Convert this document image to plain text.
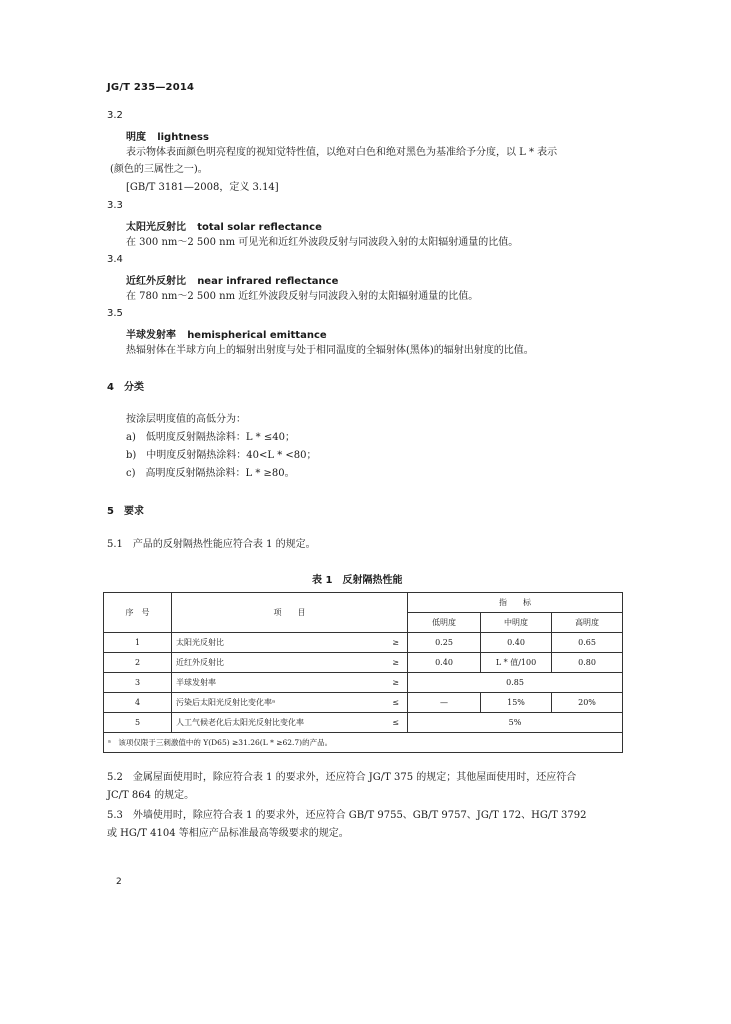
JG/T 235—2014
3.2
明度 lightness
表示物体表面颜色明亮程度的视知觉特性值，以绝对白色和绝对黑色为基准给予分度，以 L * 表示
(颜色的三属性之一)。
[GB/T 3181—2008，定义 3.14]
3.3
太阳光反射比 total solar reflectance
在 300 nm～2 500 nm 可见光和近红外波段反射与同波段入射的太阳辐射通量的比值。
3.4
近红外反射比 near infrared reflectance
在 780 nm～2 500 nm 近红外波段反射与同波段入射的太阳辐射通量的比值。
3.5
半球发射率 hemispherical emittance
热辐射体在半球方向上的辐射出射度与处于相同温度的全辐射体(黑体)的辐射出射度的比值。
4　分类
按涂层明度值的高低分为：
a)　低明度反射隔热涂料：L * ≤40；
b)　中明度反射隔热涂料：40<L * <80；
c)　高明度反射隔热涂料：L * ≥80。
5　要求
5.1　产品的反射隔热性能应符合表 1 的规定。
表 1　反射隔热性能
序　号	项　　目		指　　标		
			低明度	中明度	高明度
1	太阳光反射比	≥	0.25	0.40	0.65
2	近红外反射比	≥	0.40	L * 值/100	0.80
3	半球发射率	≥	0.85		
4	污染后太阳光反射比变化率ᵃ	≤	—	15%	20%
5	人工气候老化后太阳光反射比变化率	≤	5%		
ᵃ　该项仅限于三刺激值中的 Y(D65) ≥31.26(L * ≥62.7)的产品。					
5.2　金属屋面使用时，除应符合表 1 的要求外，还应符合 JG/T 375 的规定；其他屋面使用时，还应符合
JC/T 864 的规定。
5.3　外墙使用时，除应符合表 1 的要求外，还应符合 GB/T 9755、GB/T 9757、JG/T 172、HG/T 3792
或 HG/T 4104 等相应产品标准最高等级要求的规定。
2
